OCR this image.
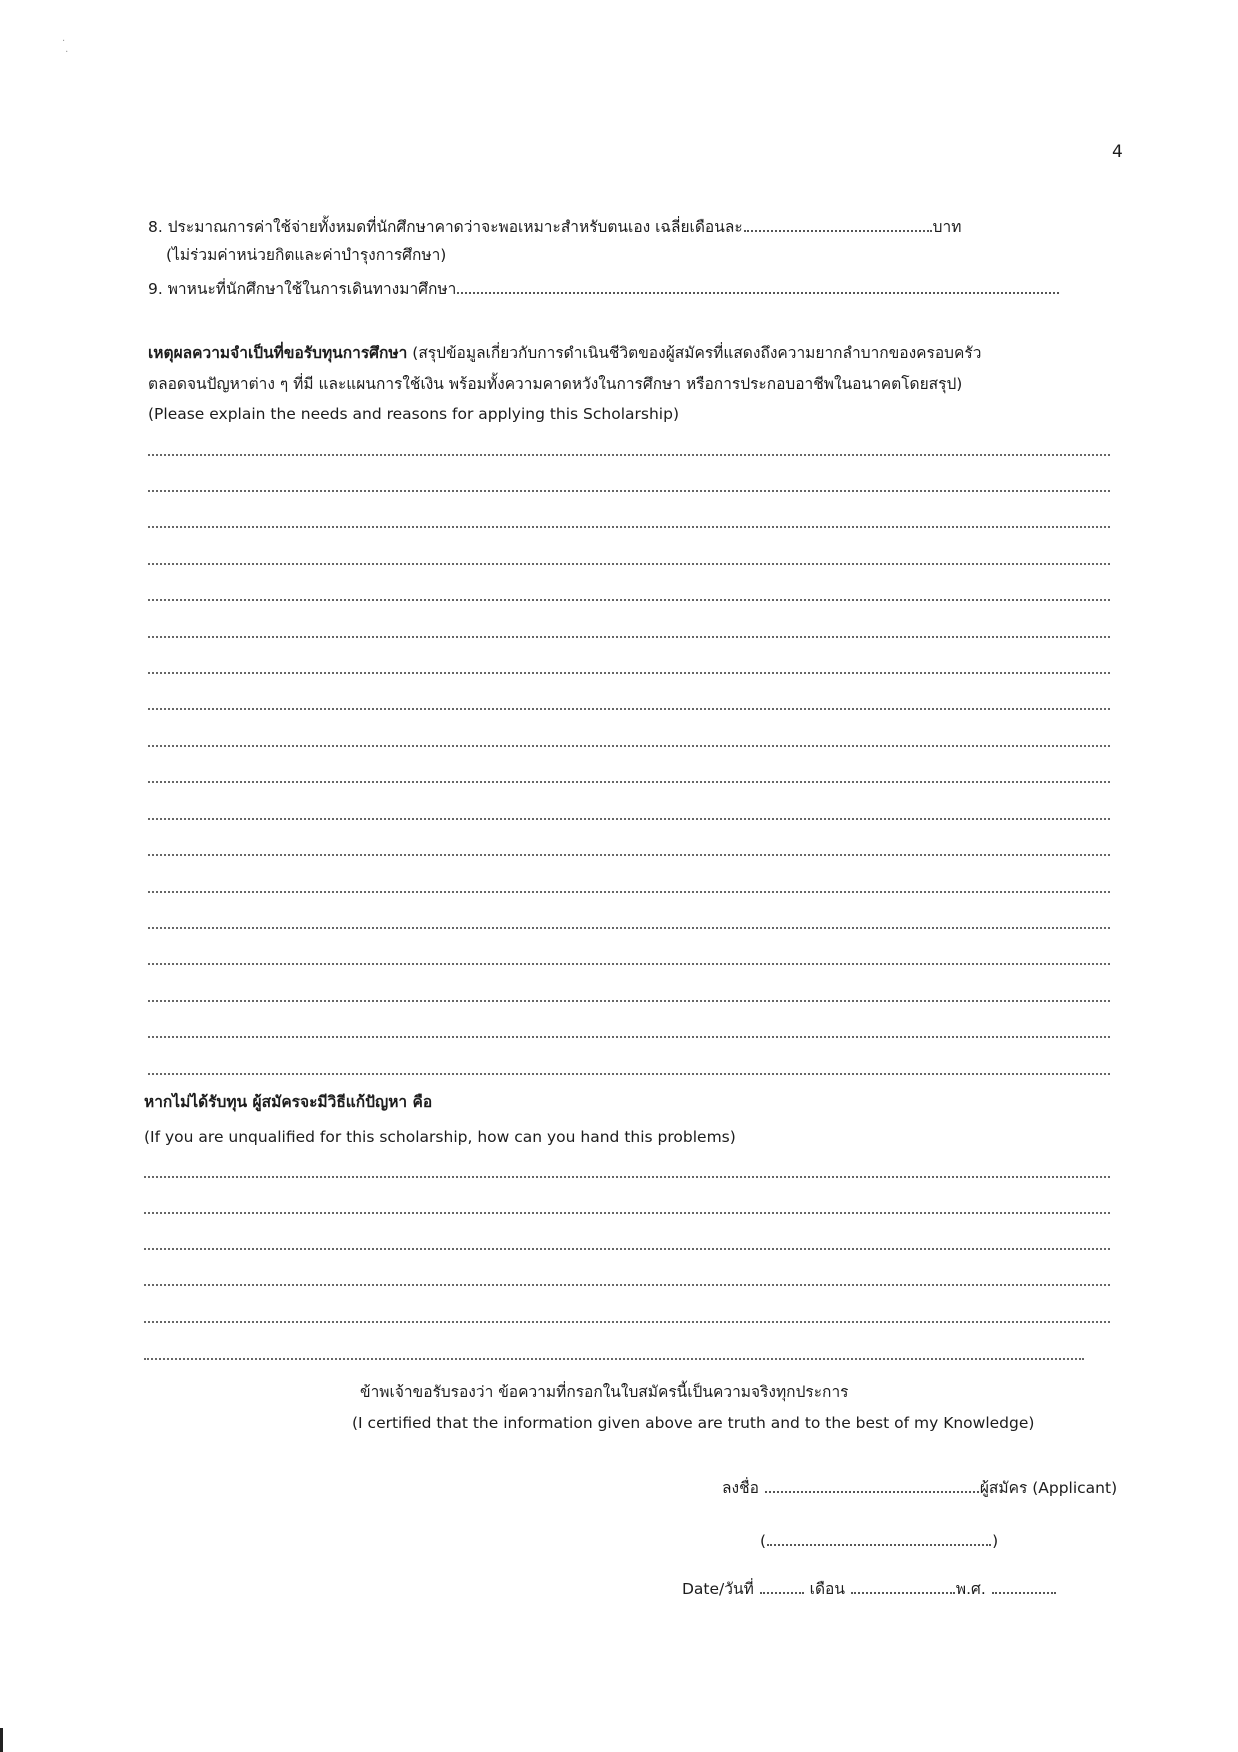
·
·
4
8. ประมาณการค่าใช้จ่ายทั้งหมดที่นักศึกษาคาดว่าจะพอเหมาะสำหรับตนเอง เฉลี่ยเดือนละ	บาท
(ไม่ร่วมค่าหน่วยกิตและค่าบำรุงการศึกษา)
9. พาหนะที่นักศึกษาใช้ในการเดินทางมาศึกษา
เหตุผลความจำเป็นที่ขอรับทุนการศึกษา (สรุปข้อมูลเกี่ยวกับการดำเนินชีวิตของผู้สมัครที่แสดงถึงความยากลำบากของครอบครัว
ตลอดจนปัญหาต่าง ๆ ที่มี และแผนการใช้เงิน พร้อมทั้งความคาดหวังในการศึกษา หรือการประกอบอาชีพในอนาคตโดยสรุป)
(Please explain the needs and reasons for applying this Scholarship)
หากไม่ได้รับทุน ผู้สมัครจะมีวิธีแก้ปัญหา คือ
(If you are unqualified for this scholarship, how can you hand this problems)
ข้าพเจ้าขอรับรองว่า ข้อความที่กรอกในใบสมัครนี้เป็นความจริงทุกประการ
(I certified that the information given above are truth and to the best of my Knowledge)
ลงชื่อ	ผู้สมัคร (Applicant)
(	)
Date/วันที่	เดือน	พ.ศ.
